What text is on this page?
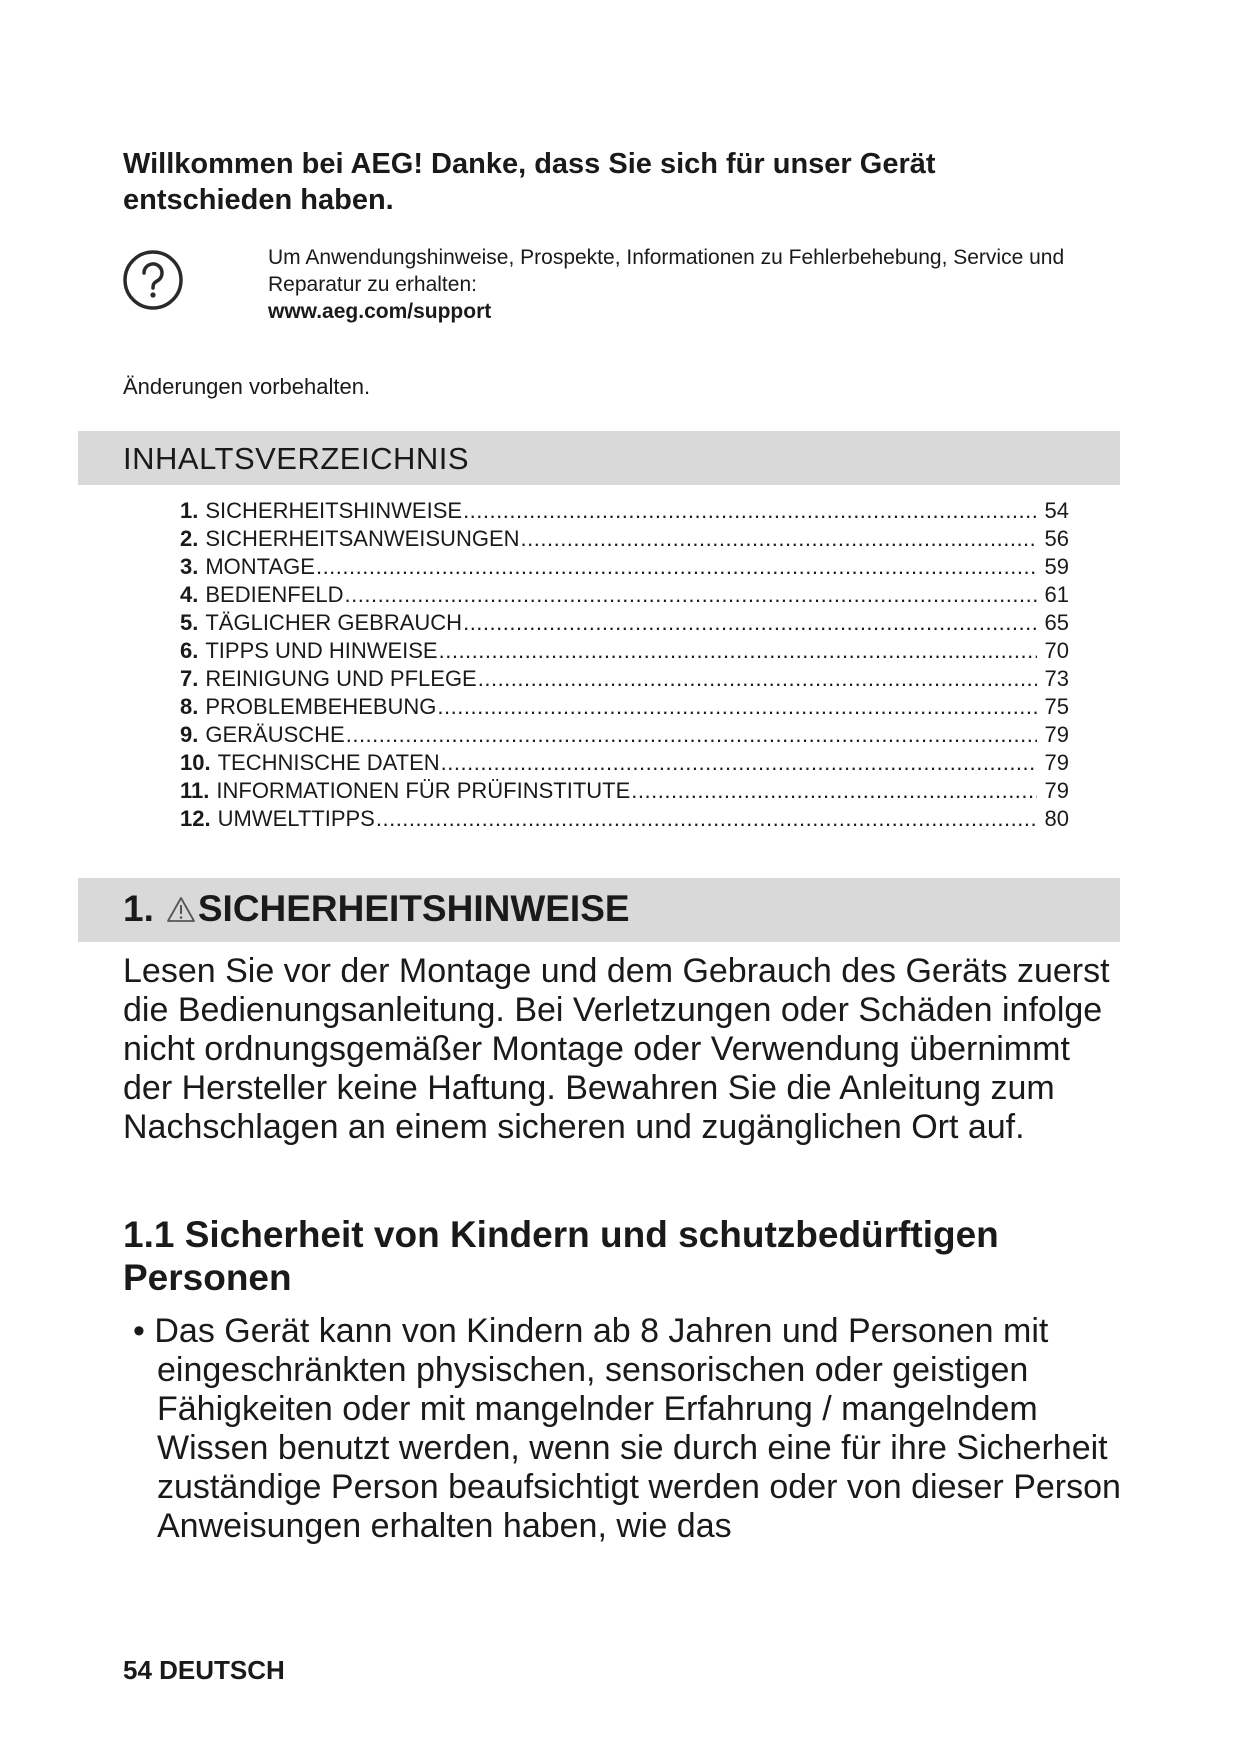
Willkommen bei AEG! Danke, dass Sie sich für unser Gerät entschieden haben.
Um Anwendungshinweise, Prospekte, Informationen zu Fehlerbehebung, Service und Reparatur zu erhalten:
www.aeg.com/support
Änderungen vorbehalten.
INHALTSVERZEICHNIS
1. SICHERHEITSHINWEISE .....	54
2. SICHERHEITSANWEISUNGEN .....	56
3. MONTAGE .....	59
4. BEDIENFELD .....	61
5. TÄGLICHER GEBRAUCH .....	65
6. TIPPS UND HINWEISE .....	70
7. REINIGUNG UND PFLEGE .....	73
8. PROBLEMBEHEBUNG .....	75
9. GERÄUSCHE .....	79
10. TECHNISCHE DATEN .....	79
11. INFORMATIONEN FÜR PRÜFINSTITUTE .....	79
12. UMWELTTIPPS .....	80
1. SICHERHEITSHINWEISE

Lesen Sie vor der Montage und dem Gebrauch des Geräts zuerst die Bedienungsanleitung. Bei Verletzungen oder Schäden infolge nicht ordnungsgemäßer Montage oder Verwendung übernimmt der Hersteller keine Haftung. Bewahren Sie die Anleitung zum Nachschlagen an einem sicheren und zugänglichen Ort auf.

1.1 Sicherheit von Kindern und schutzbedürftigen Personen

• Das Gerät kann von Kindern ab 8 Jahren und Personen mit eingeschränkten physischen, sensorischen oder geistigen Fähigkeiten oder mit mangelnder Erfahrung / mangelndem Wissen benutzt werden, wenn sie durch eine für ihre Sicherheit zuständige Person beaufsichtigt werden oder von dieser Person Anweisungen erhalten haben, wie das

54 DEUTSCH
